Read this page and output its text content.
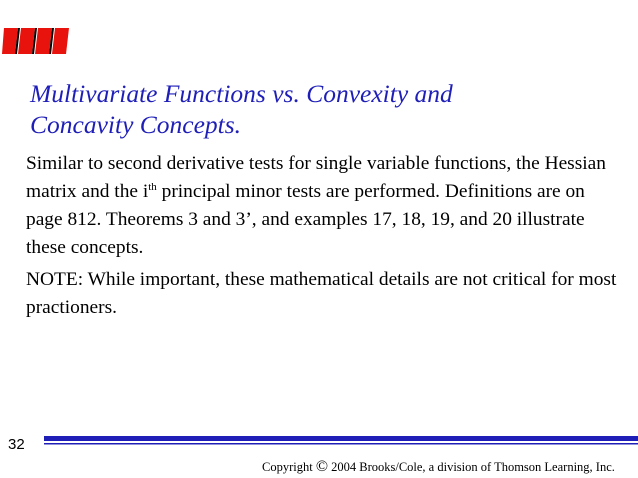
Multivariate Functions vs. Convexity and
Concavity Concepts.

Similar to second derivative tests for single variable functions, the Hessian matrix and the $i^{th}$ principal minor tests are performed. Definitions are on page 812. Theorems 3 and 3’, and examples 17, 18, 19, and 20 illustrate these concepts.

NOTE: While important, these mathematical details are not critical for most practioners.

32
Copyright © 2004 Brooks/Cole, a division of Thomson Learning, Inc.
